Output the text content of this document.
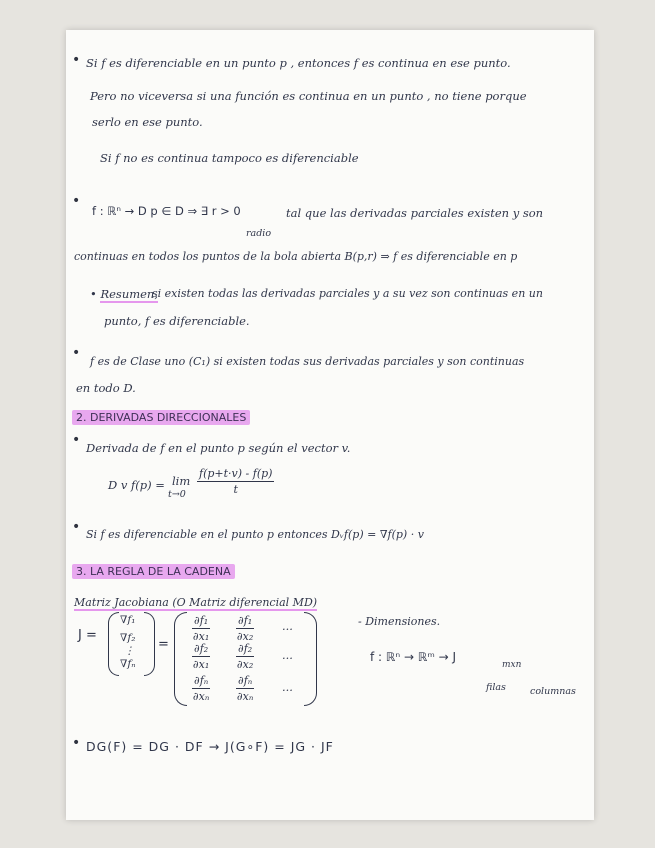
• Si f es diferenciable en un punto p , entonces f es continua en ese punto.
Pero no viceversa si una función es continua en un punto , no tiene porque
serlo en ese punto.
Si f no es continua tampoco es diferenciable
•
f : ℝⁿ → D p ∈ D ⇒ ∃ r > 0	tal que las derivadas parciales existen y son
radio
continuas en todos los puntos de la bola abierta B(p,r) ⇒ f es diferenciable en p
• Resumen,
si existen todas las derivadas parciales y a su vez son continuas en un
punto, f es diferenciable.
•
f es de Clase uno (C₁) si existen todas sus derivadas parciales y son continuas
en todo D.
2. DERIVADAS DIRECCIONALES
• Derivada de f en el punto p según el vector v.
D v f(p) = lim
$t\to 0 \frac{f(p+t\cdot v) - f(p)}{t}$
• Si f es diferenciable en el punto p entonces Dᵥf(p) = ∇f(p) · v
3. LA REGLA DE LA CADENA
Matriz Jacobiana (O Matriz diferencial MD)
J =
∇f₁
∇f₂
⋮
∇fₙ
=
$\frac{\text{∂f₁}}{\text{∂x₁}} \frac{\text{∂f₁}}{\text{∂x₂}}$ ···
$\frac{\text{∂f₂}}{\text{∂x₁}} \frac{\text{∂f₂}}{\text{∂x₂}}$ ···
$\frac{\text{∂fₙ}}{\text{∂xₙ}} \frac{\text{∂fₙ}}{\text{∂xₙ}}$ ···
- Dimensiones.
f : ℝⁿ → ℝᵐ → J
mxn
filas	columnas
• DG(F) = DG · DF → J(G∘F) = JG · JF
